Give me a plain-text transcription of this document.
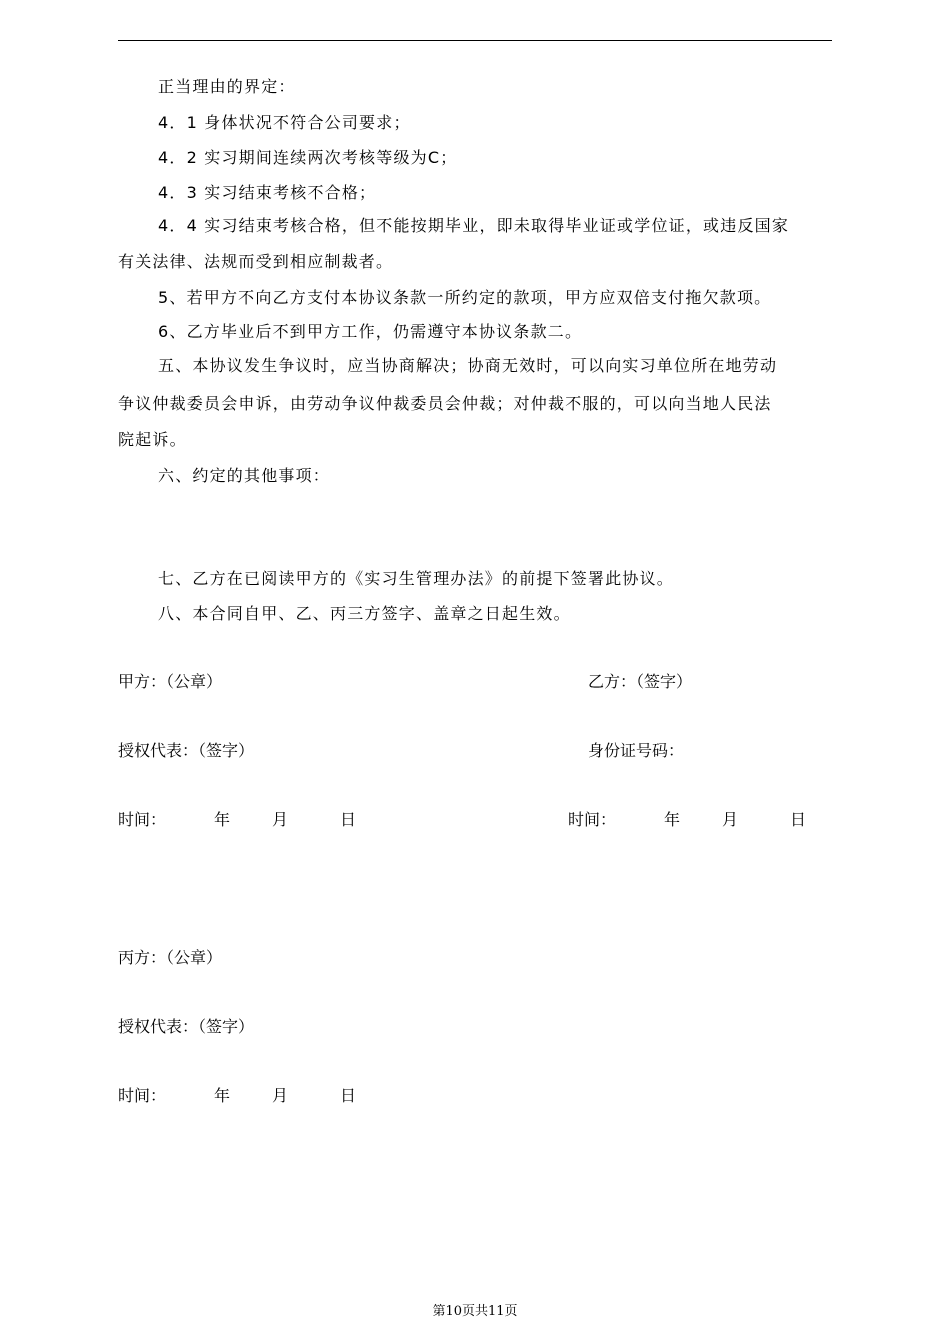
正当理由的界定：
4．1 身体状况不符合公司要求；
4．2 实习期间连续两次考核等级为C；
4．3 实习结束考核不合格；
4．4 实习结束考核合格，但不能按期毕业，即未取得毕业证或学位证，或违反国家
有关法律、法规而受到相应制裁者。
5、若甲方不向乙方支付本协议条款一所约定的款项，甲方应双倍支付拖欠款项。
6、乙方毕业后不到甲方工作，仍需遵守本协议条款二。
五、本协议发生争议时，应当协商解决；协商无效时，可以向实习单位所在地劳动
争议仲裁委员会申诉，由劳动争议仲裁委员会仲裁；对仲裁不服的，可以向当地人民法
院起诉。
六、约定的其他事项：
七、乙方在已阅读甲方的《实习生管理办法》的前提下签署此协议。
八、本合同自甲、乙、丙三方签字、盖章之日起生效。
甲方：（公章）	乙方：（签字）
授权代表：（签字）	身份证号码：
时间：	年	月	日	时间：	年	月	日
丙方：（公章）
授权代表：（签字）
时间：	年	月	日
第10页共11页
